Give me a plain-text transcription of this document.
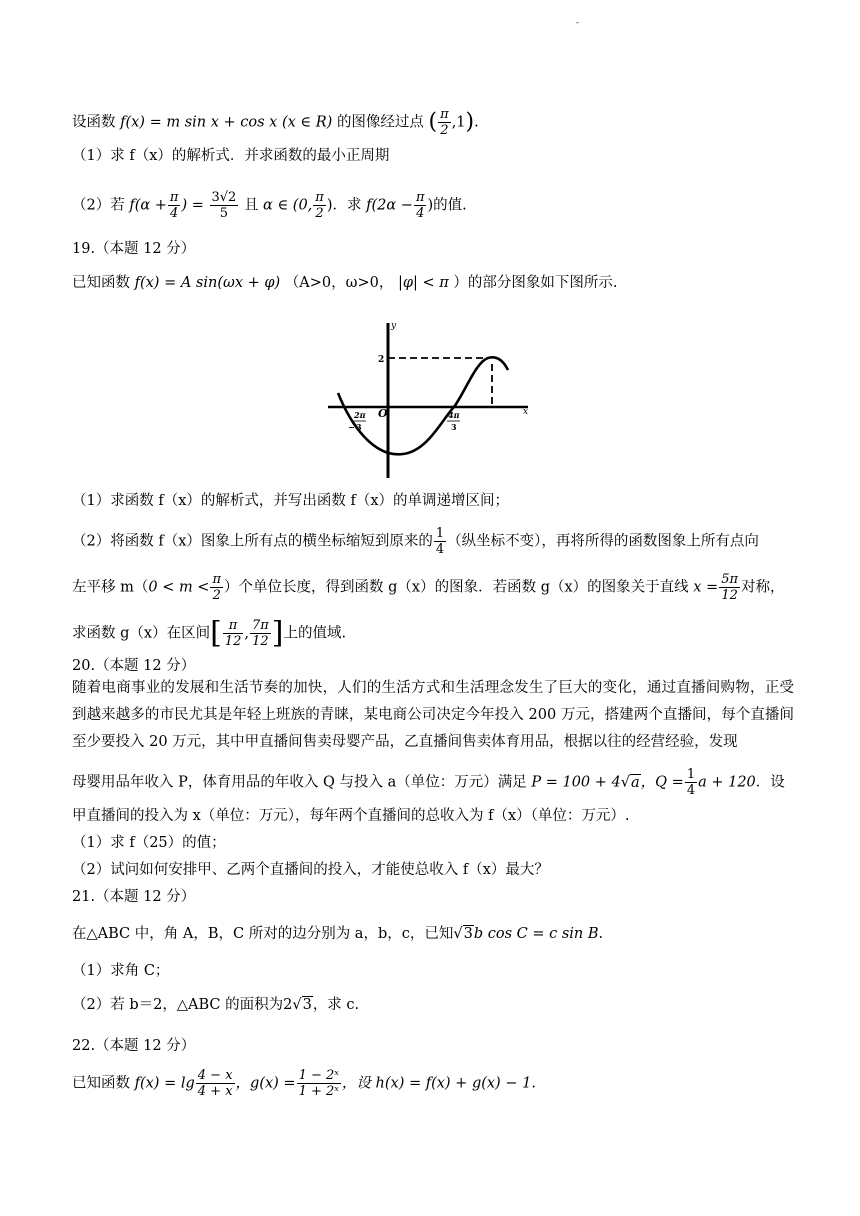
-
设函数 f(x) = m sin x + cos x (x ∈ R) 的图像经过点 ( $\frac{\pi}{2} ,1$).
（1）求 f（x）的解析式．并求函数的最小正周期
（2）若 $f(\alpha + \frac{\pi}{4}$ ) = $\frac{3√2}{5}$ 且 α ∈ (0, $\frac{\pi}{2}$ )．求 $f(2\alpha - \frac{\pi}{4}$ )的值.
19.（本题 12 分）
已知函数 f(x) = A sin(ωx + φ) （A>0，ω>0， |φ| < π ）的部分图象如下图所示.
x
y
O
2
2π
− 3
4π
3
（1）求函数 f（x）的解析式，并写出函数 f（x）的单调递增区间；
（2）将函数 f（x）图象上所有点的横坐标缩短到原来的 $\frac{1}{4}$ （纵坐标不变），再将所得的函数图象上所有点向
左平移 $m(0 < m < \frac{\pi}{2}$ ）个单位长度，得到函数 g（x）的图象．若函数 g（x）的图象关于直线 $x = \frac{5\pi}{12}$ 对称，
求函数 g（x）在区间[ $\frac{\pi}{12}$ , $\frac{7\pi}{12}$ ]上的值域.
20.（本题 12 分）
随着电商事业的发展和生活节奏的加快，人们的生活方式和生活理念发生了巨大的变化，通过直播间购物，正受到越来越多的市民尤其是年轻上班族的青睐，某电商公司决定今年投入 200 万元，搭建两个直播间，每个直播间至少要投入 20 万元，其中甲直播间售卖母婴产品，乙直播间售卖体育用品，根据以往的经营经验，发现
母婴用品年收入 P，体育用品的年收入 Q 与投入 a（单位：万元）满足 P = 100 + 4√a，$Q = \frac{1}{4}$ a + 120．设
甲直播间的投入为 x（单位：万元），每年两个直播间的总收入为 f（x）（单位：万元）.
（1）求 f（25）的值；
（2）试问如何安排甲、乙两个直播间的投入，才能使总收入 f（x）最大？
21.（本题 12 分）
在△ABC 中，角 A，B，C 所对的边分别为 a，b，c，已知√3b cos C = c sin B.
（1）求角 C；
（2）若 b＝2，△ABC 的面积为2√3，求 c.
22.（本题 12 分）
已知函数 $f(x) = \lg \frac{4 - x}{4 + x}$ ，$g(x) = \frac{\text{1 − 2ˣ}}{\text{1 + 2ˣ}}$ ，设 h(x) = f(x) + g(x) − 1.
